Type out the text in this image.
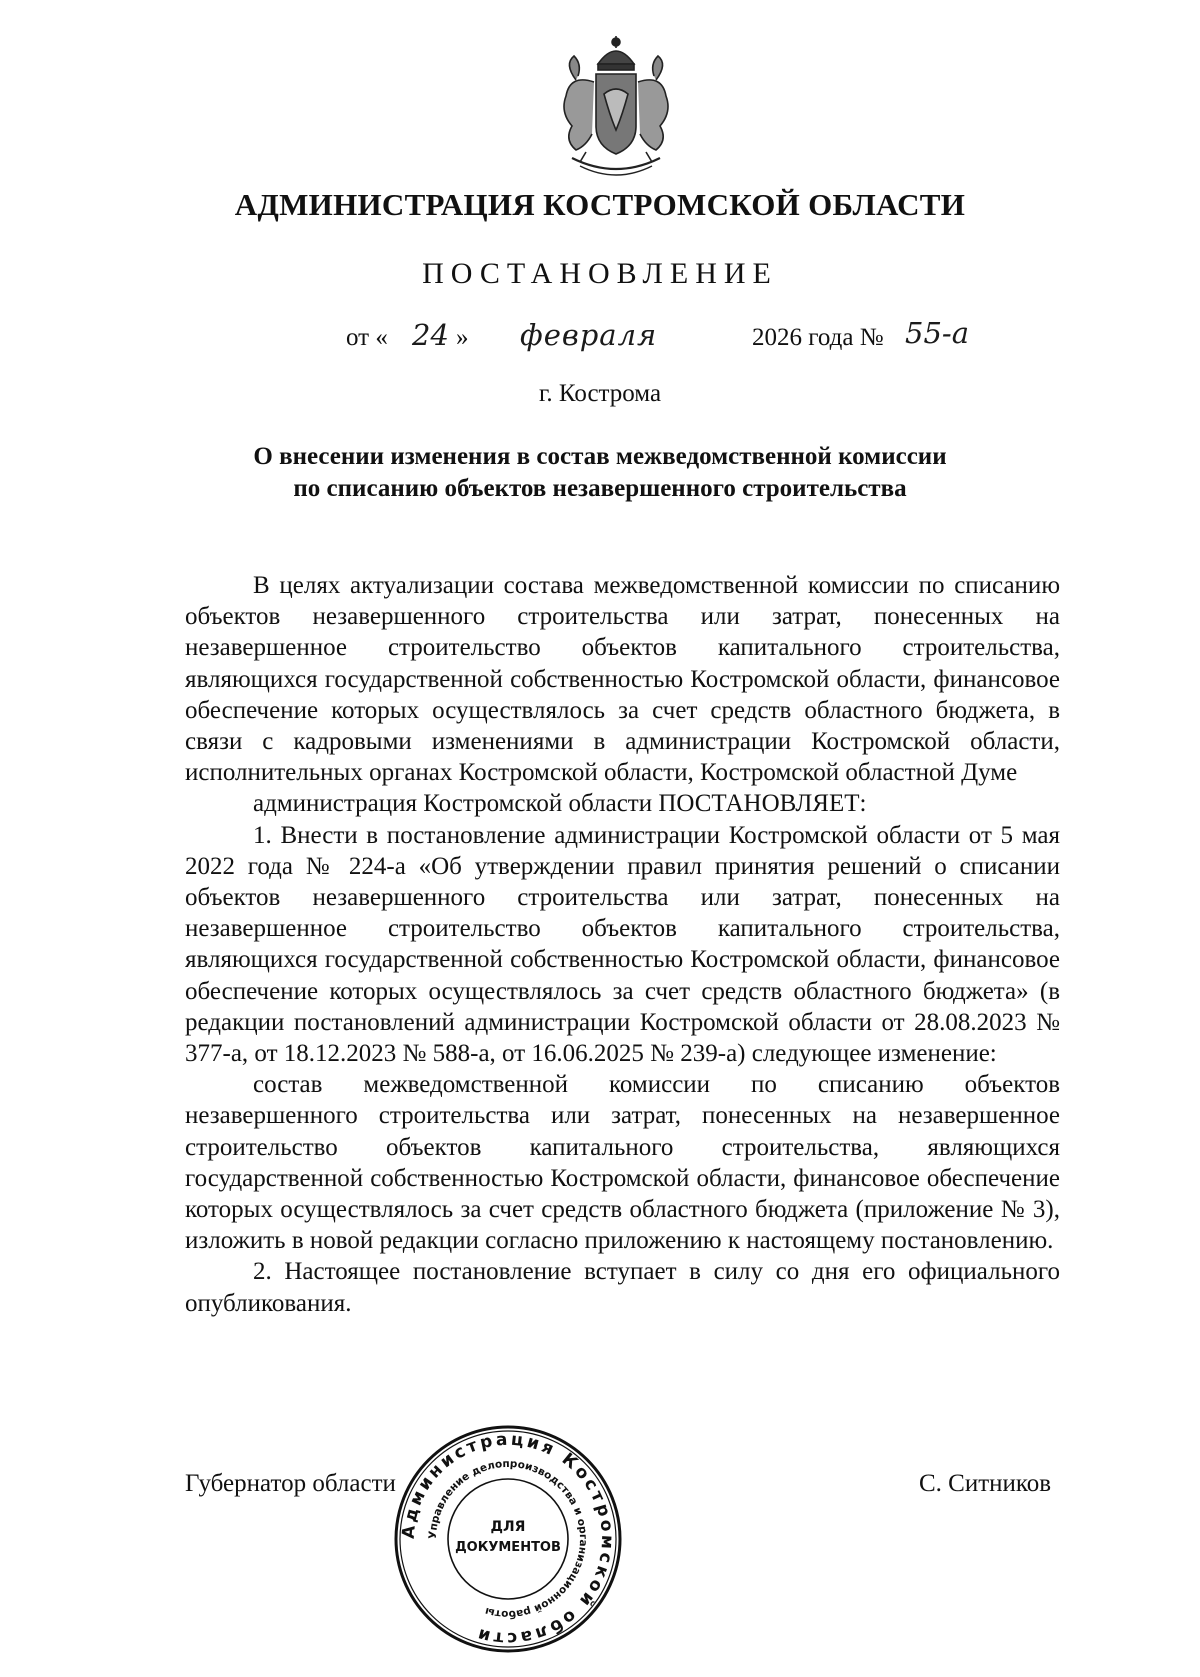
АДМИНИСТРАЦИЯ КОСТРОМСКОЙ ОБЛАСТИ
ПОСТАНОВЛЕНИЕ
от « 24 » февраля	2026 года № 55-а
г. Кострома
О внесении изменения в состав межведомственной комиссии
по списанию объектов незавершенного строительства

В целях актуализации состава межведомственной комиссии по списанию объектов незавершенного строительства или затрат, понесенных на незавершенное строительство объектов капитального строительства, являющихся государственной собственностью Костромской области, финансовое обеспечение которых осуществлялось за счет средств областного бюджета, в связи с кадровыми изменениями в администрации Костромской области, исполнительных органах Костромской области, Костромской областной Думе

администрация Костромской области ПОСТАНОВЛЯЕТ:

1. Внести в постановление администрации Костромской области от 5 мая 2022 года № 224-а «Об утверждении правил принятия решений о списании объектов незавершенного строительства или затрат, понесенных на незавершенное строительство объектов капитального строительства, являющихся государственной собственностью Костромской области, финансовое обеспечение которых осуществлялось за счет средств областного бюджета» (в редакции постановлений администрации Костромской области от 28.08.2023 № 377-а, от 18.12.2023 № 588-а, от 16.06.2025 № 239-а) следующее изменение:

состав межведомственной комиссии по списанию объектов незавершенного строительства или затрат, понесенных на незавершенное строительство объектов капитального строительства, являющихся государственной собственностью Костромской области, финансовое обеспечение которых осуществлялось за счет средств областного бюджета (приложение № 3), изложить в новой редакции согласно приложению к настоящему постановлению.

2. Настоящее постановление вступает в силу со дня его официального опубликования.

Губернатор области	С. Ситников
Администрация Костромской области
Управление делопроизводства и организационной работы
ДЛЯ
ДОКУМЕНТОВ
